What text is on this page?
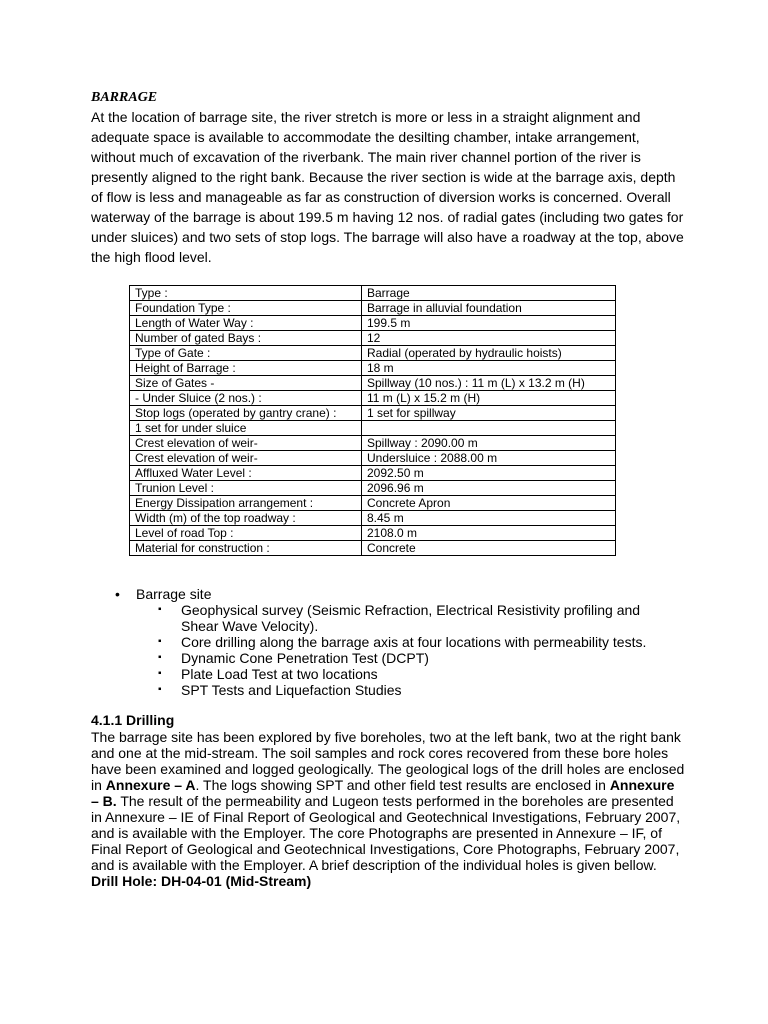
BARRAGE
At the location of barrage site, the river stretch is more or less in a straight alignment and
adequate space is available to accommodate the desilting chamber, intake arrangement,
without much of excavation of the riverbank. The main river channel portion of the river is
presently aligned to the right bank. Because the river section is wide at the barrage axis, depth
of flow is less and manageable as far as construction of diversion works is concerned. Overall
waterway of the barrage is about 199.5 m having 12 nos. of radial gates (including two gates for
under sluices) and two sets of stop logs. The barrage will also have a roadway at the top, above
the high flood level.
Type :	Barrage
Foundation Type :	Barrage in alluvial foundation
Length of Water Way :	199.5 m
Number of gated Bays :	12
Type of Gate :	Radial (operated by hydraulic hoists)
Height of Barrage :	18 m
Size of Gates -	Spillway (10 nos.) : 11 m (L) x 13.2 m (H)
- Under Sluice (2 nos.) :	11 m (L) x 15.2 m (H)
Stop logs (operated by gantry crane) :	1 set for spillway
1 set for under sluice	
Crest elevation of weir-	Spillway : 2090.00 m
Crest elevation of weir-	Undersluice : 2088.00 m
Affluxed Water Level :	2092.50 m
Trunion Level :	2096.96 m
Energy Dissipation arrangement :	Concrete Apron
Width (m) of the top roadway :	8.45 m
Level of road Top :	2108.0 m
Material for construction :	Concrete
• Barrage site
▪ Geophysical survey (Seismic Refraction, Electrical Resistivity profiling and
Shear Wave Velocity).
▪ Core drilling along the barrage axis at four locations with permeability tests.
▪ Dynamic Cone Penetration Test (DCPT)
▪ Plate Load Test at two locations
▪ SPT Tests and Liquefaction Studies
4.1.1 Drilling
The barrage site has been explored by five boreholes, two at the left bank, two at the right bank
and one at the mid-stream. The soil samples and rock cores recovered from these bore holes
have been examined and logged geologically. The geological logs of the drill holes are enclosed
in Annexure – A. The logs showing SPT and other field test results are enclosed in Annexure
– B. The result of the permeability and Lugeon tests performed in the boreholes are presented
in Annexure – IE of Final Report of Geological and Geotechnical Investigations, February 2007,
and is available with the Employer. The core Photographs are presented in Annexure – IF, of
Final Report of Geological and Geotechnical Investigations, Core Photographs, February 2007,
and is available with the Employer. A brief description of the individual holes is given bellow.
Drill Hole: DH-04-01 (Mid-Stream)
